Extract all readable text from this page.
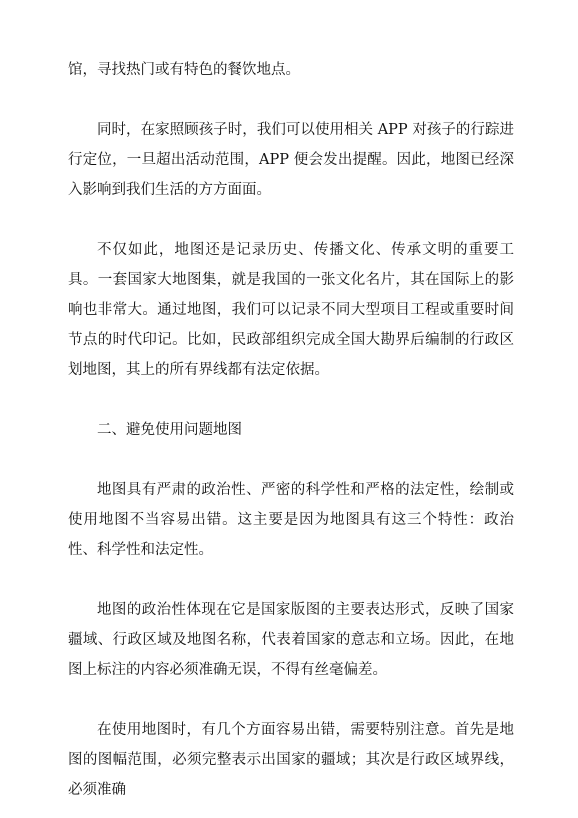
馆，寻找热门或有特色的餐饮地点。

同时，在家照顾孩子时，我们可以使用相关 APP 对孩子的行踪进行定位，一旦超出活动范围，APP 便会发出提醒。因此，地图已经深入影响到我们生活的方方面面。

不仅如此，地图还是记录历史、传播文化、传承文明的重要工具。一套国家大地图集，就是我国的一张文化名片，其在国际上的影响也非常大。通过地图，我们可以记录不同大型项目工程或重要时间节点的时代印记。比如，民政部组织完成全国大勘界后编制的行政区划地图，其上的所有界线都有法定依据。

二、避免使用问题地图

地图具有严肃的政治性、严密的科学性和严格的法定性，绘制或使用地图不当容易出错。这主要是因为地图具有这三个特性：政治性、科学性和法定性。

地图的政治性体现在它是国家版图的主要表达形式，反映了国家疆域、行政区域及地图名称，代表着国家的意志和立场。因此，在地图上标注的内容必须准确无误，不得有丝毫偏差。

在使用地图时，有几个方面容易出错，需要特别注意。首先是地图的图幅范围，必须完整表示出国家的疆域；其次是行政区域界线，必须准确
